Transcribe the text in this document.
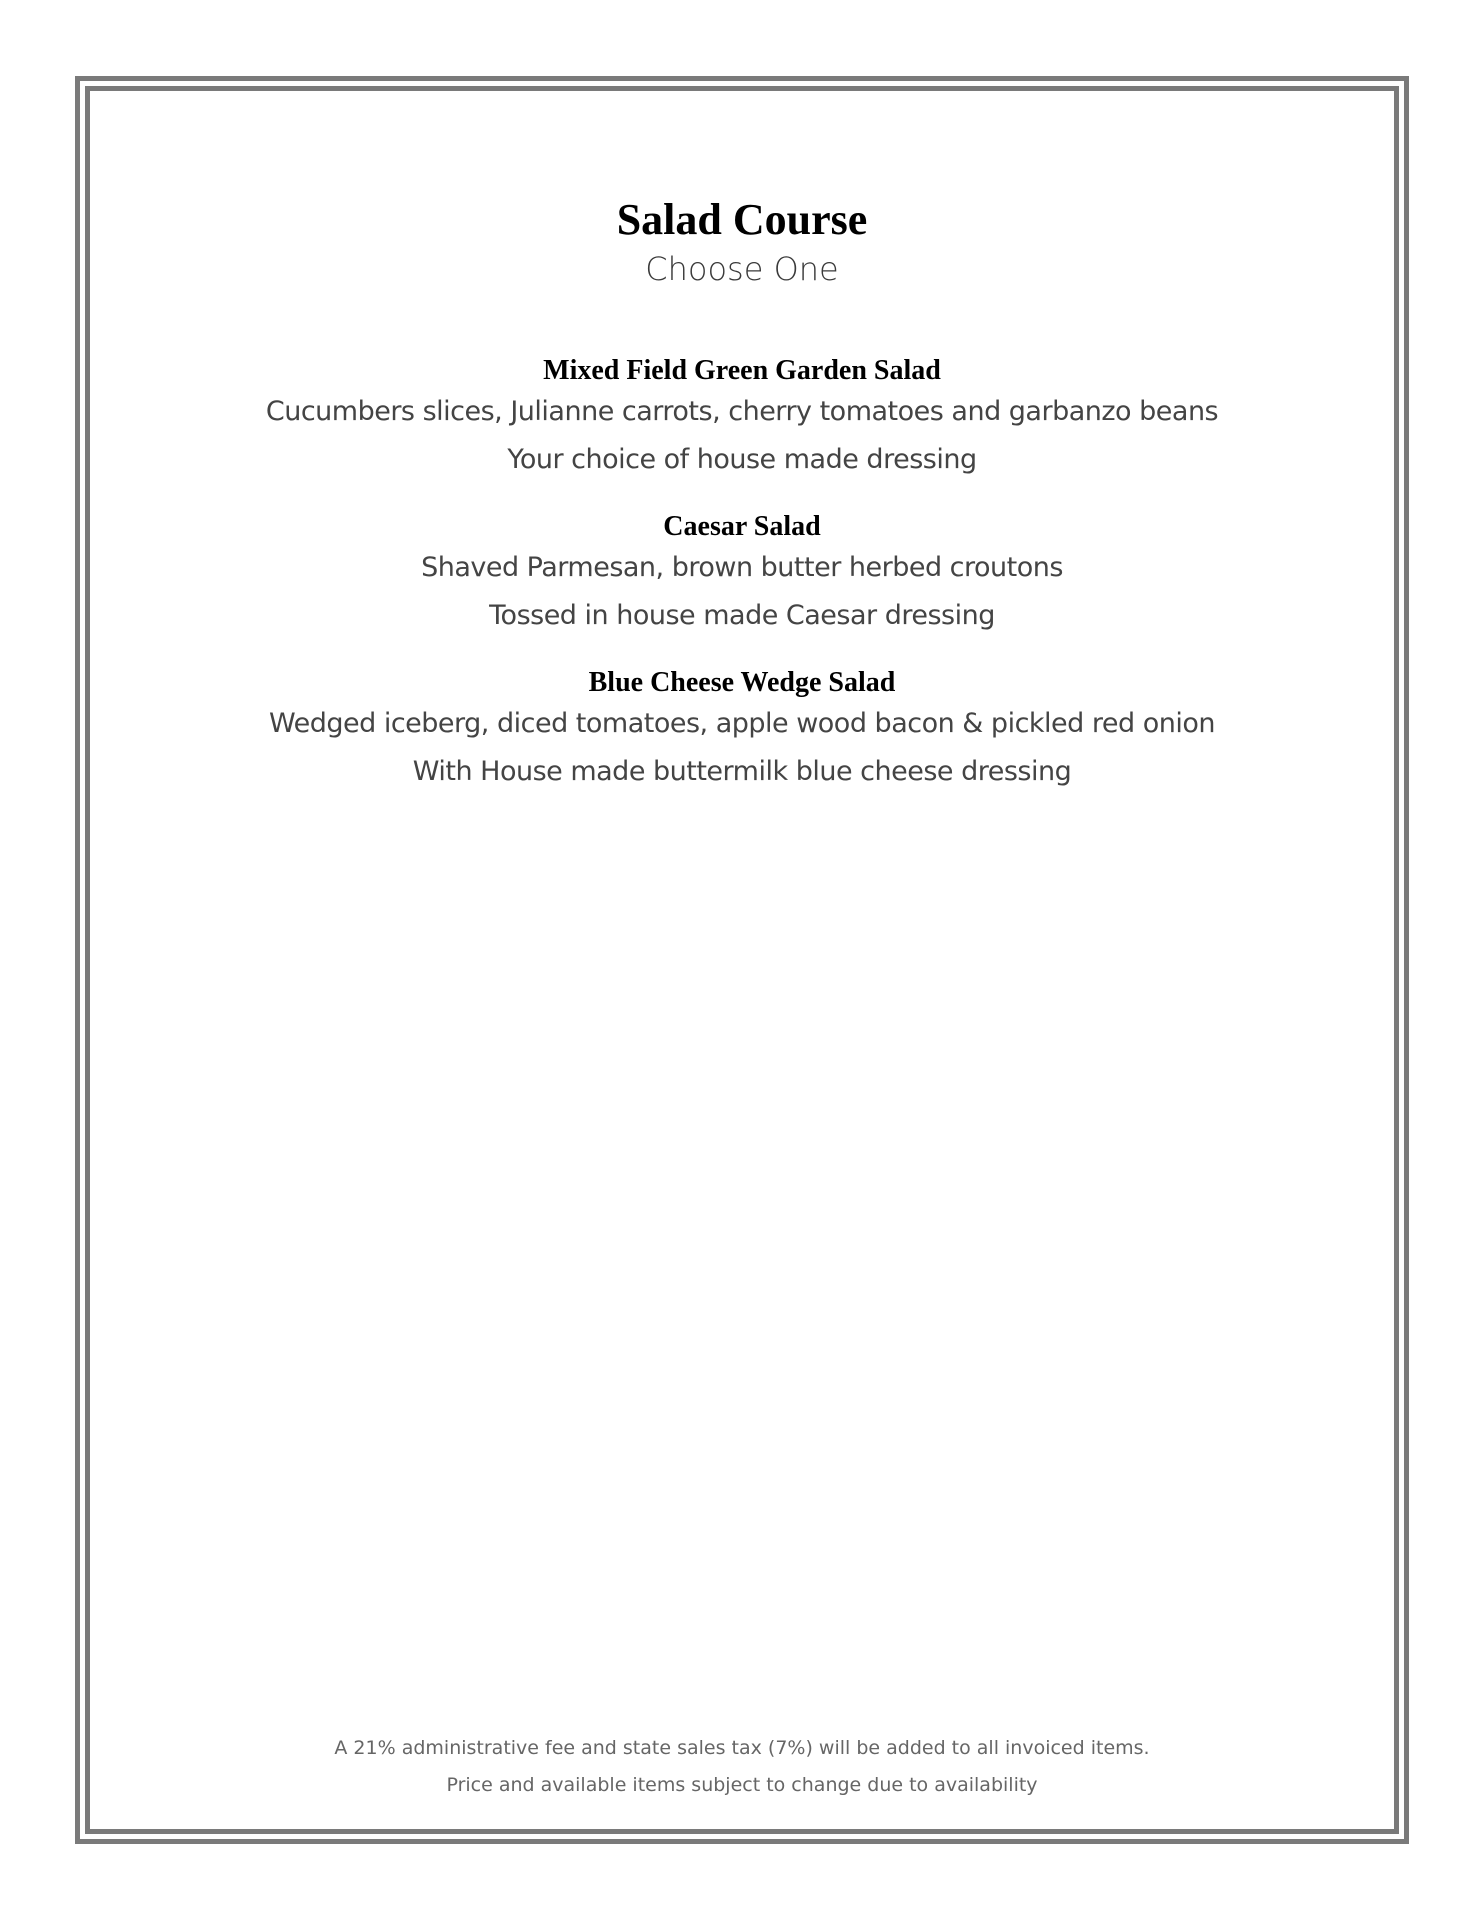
Salad Course

Choose One

Mixed Field Green Garden Salad

Cucumbers slices, Julianne carrots, cherry tomatoes and garbanzo beans

Your choice of house made dressing

Caesar Salad

Shaved Parmesan, brown butter herbed croutons

Tossed in house made Caesar dressing

Blue Cheese Wedge Salad

Wedged iceberg, diced tomatoes, apple wood bacon & pickled red onion

With House made buttermilk blue cheese dressing

A 21% administrative fee and state sales tax (7%) will be added to all invoiced items.

Price and available items subject to change due to availability
